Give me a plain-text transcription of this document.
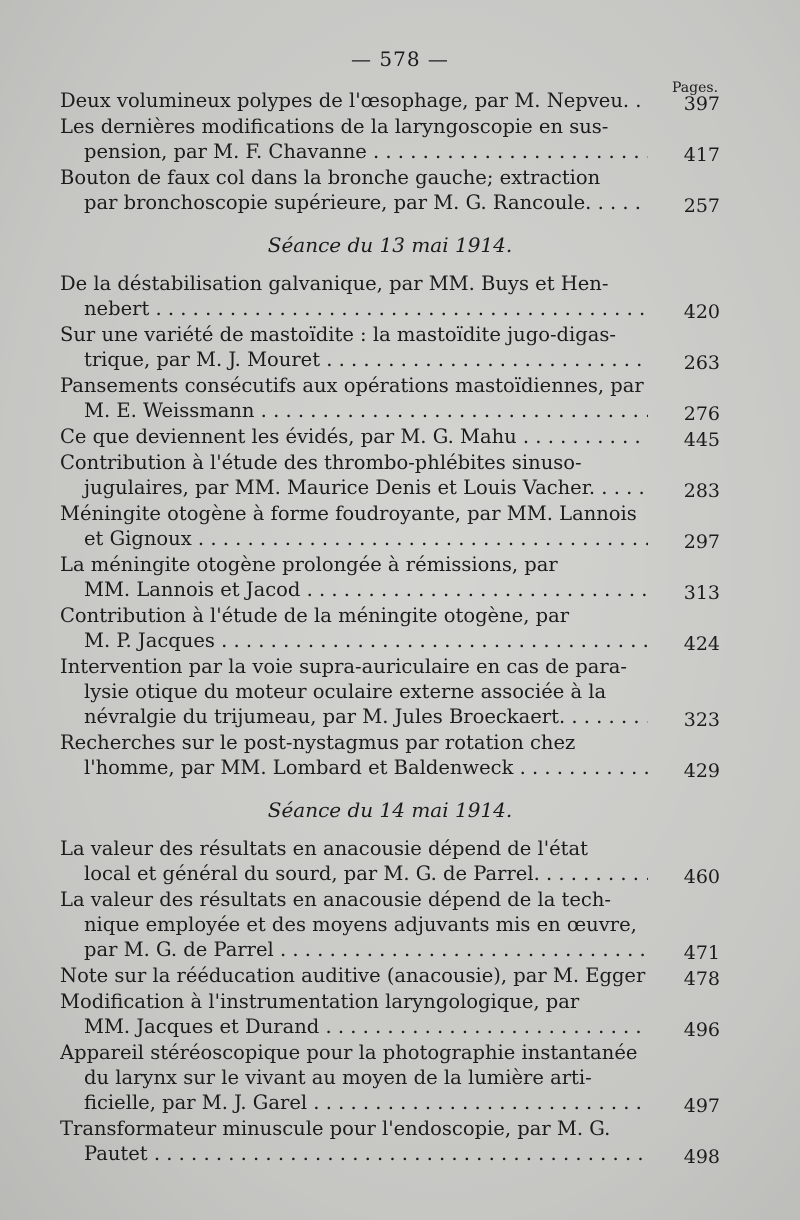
— 578 —
Pages.
Deux volumineux polypes de l'œsophage, par M. Nepveu. . . .	397
Les dernières modifications de la laryngoscopie en sus-
pension, par M. F. Chavanne . . .	417
Bouton de faux col dans la bronche gauche; extraction
par bronchoscopie supérieure, par M. G. Rancoule. . . .	257
Séance du 13 mai 1914.
De la déstabilisation galvanique, par MM. Buys et Hen-
nebert . . .	420
Sur une variété de mastoïdite : la mastoïdite jugo-digas-
trique, par M. J. Mouret . . .	263
Pansements consécutifs aux opérations mastoïdiennes, par
M. E. Weissmann . . .	276
Ce que deviennent les évidés, par M. G. Mahu . . .	445
Contribution à l'étude des thrombo-phlébites sinuso-
jugulaires, par MM. Maurice Denis et Louis Vacher. . . .	283
Méningite otogène à forme foudroyante, par MM. Lannois
et Gignoux . . .	297
La méningite otogène prolongée à rémissions, par
MM. Lannois et Jacod . . .	313
Contribution à l'étude de la méningite otogène, par
M. P. Jacques . . .	424
Intervention par la voie supra-auriculaire en cas de para-
lysie otique du moteur oculaire externe associée à la
névralgie du trijumeau, par M. Jules Broeckaert. . . .	323
Recherches sur le post-nystagmus par rotation chez
l'homme, par MM. Lombard et Baldenweck . . .	429
Séance du 14 mai 1914.
La valeur des résultats en anacousie dépend de l'état
local et général du sourd, par M. G. de Parrel. . . .	460
La valeur des résultats en anacousie dépend de la tech-
nique employée et des moyens adjuvants mis en œuvre,
par M. G. de Parrel . . .	471
Note sur la rééducation auditive (anacousie), par M. Egger . . .	478
Modification à l'instrumentation laryngologique, par
MM. Jacques et Durand . . .	496
Appareil stéréoscopique pour la photographie instantanée
du larynx sur le vivant au moyen de la lumière arti-
ficielle, par M. J. Garel . . .	497
Transformateur minuscule pour l'endoscopie, par M. G.
Pautet . . .	498
